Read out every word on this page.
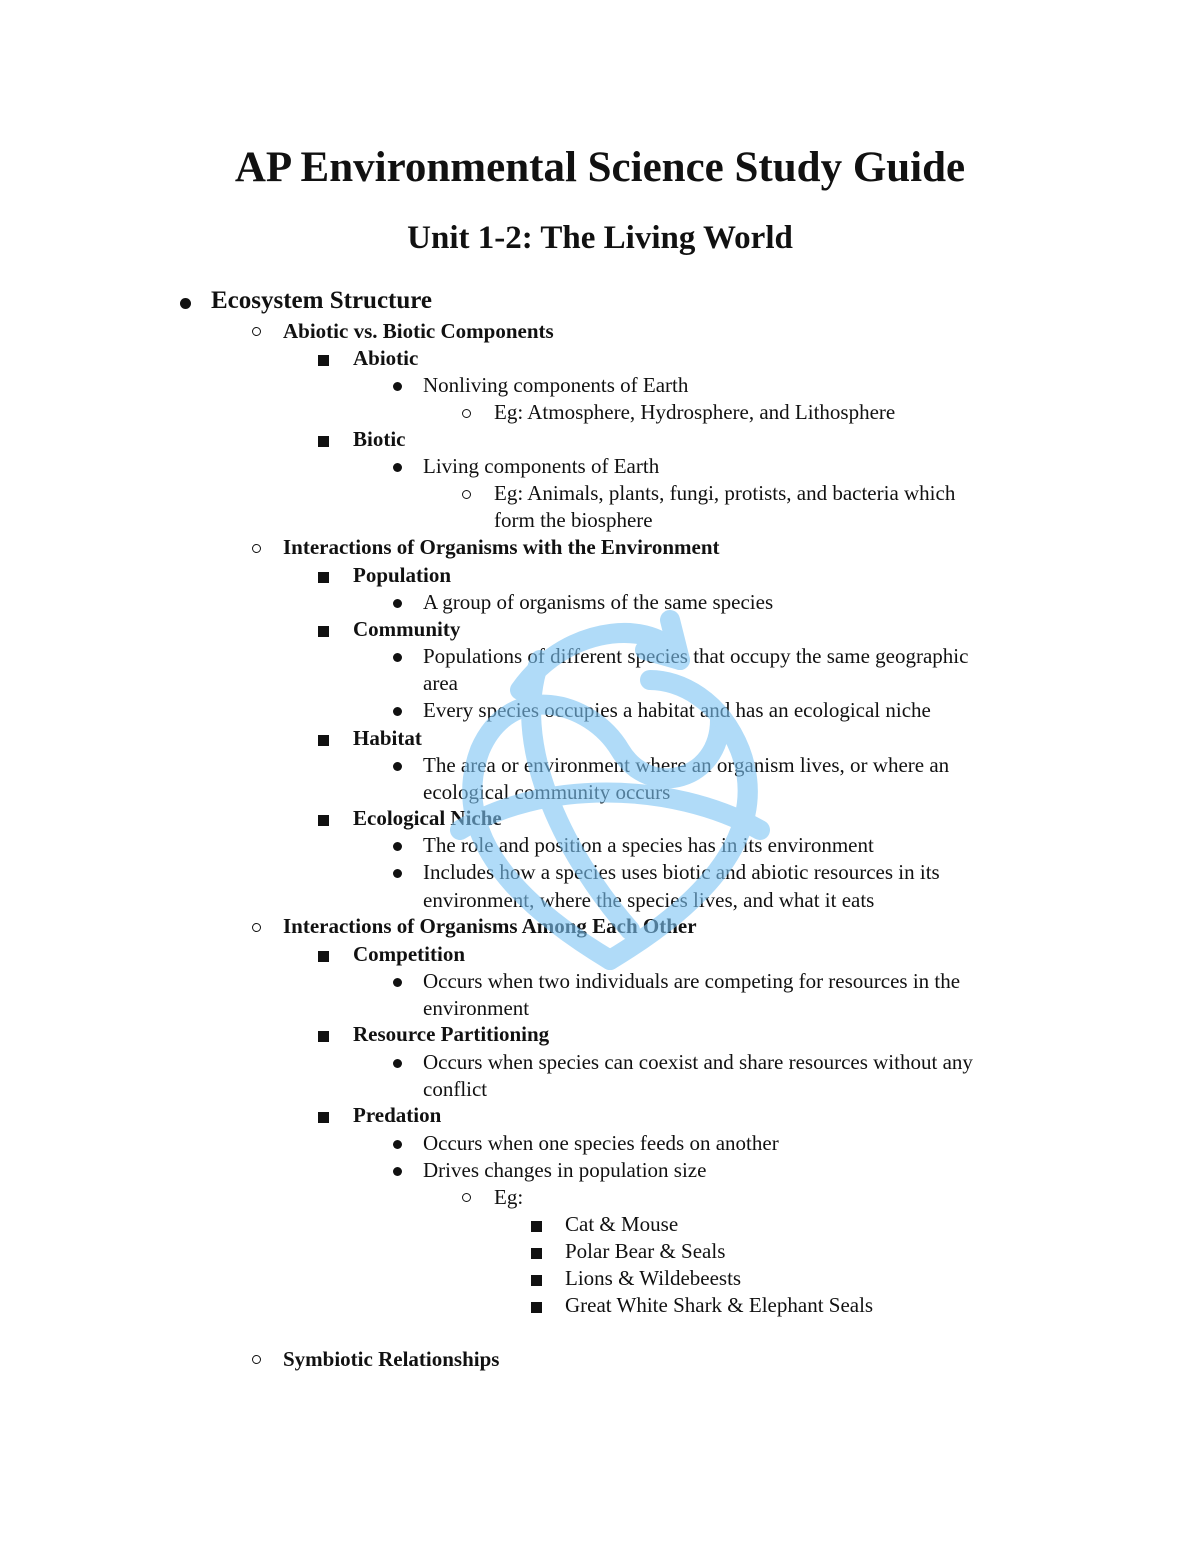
AP Environmental Science Study Guide
Unit 1-2: The Living World
Ecosystem Structure
Abiotic vs. Biotic Components
Abiotic
Nonliving components of Earth
Eg: Atmosphere, Hydrosphere, and Lithosphere
Biotic
Living components of Earth
Eg: Animals, plants, fungi, protists, and bacteria which
form the biosphere
Interactions of Organisms with the Environment
Population
A group of organisms of the same species
Community
Populations of different species that occupy the same geographic
area
Every species occupies a habitat and has an ecological niche
Habitat
The area or environment where an organism lives, or where an
ecological community occurs
Ecological Niche
The role and position a species has in its environment
Includes how a species uses biotic and abiotic resources in its
environment, where the species lives, and what it eats
Interactions of Organisms Among Each Other
Competition
Occurs when two individuals are competing for resources in the
environment
Resource Partitioning
Occurs when species can coexist and share resources without any
conflict
Predation
Occurs when one species feeds on another
Drives changes in population size
Eg:
Cat & Mouse
Polar Bear & Seals
Lions & Wildebeests
Great White Shark & Elephant Seals
Symbiotic Relationships
